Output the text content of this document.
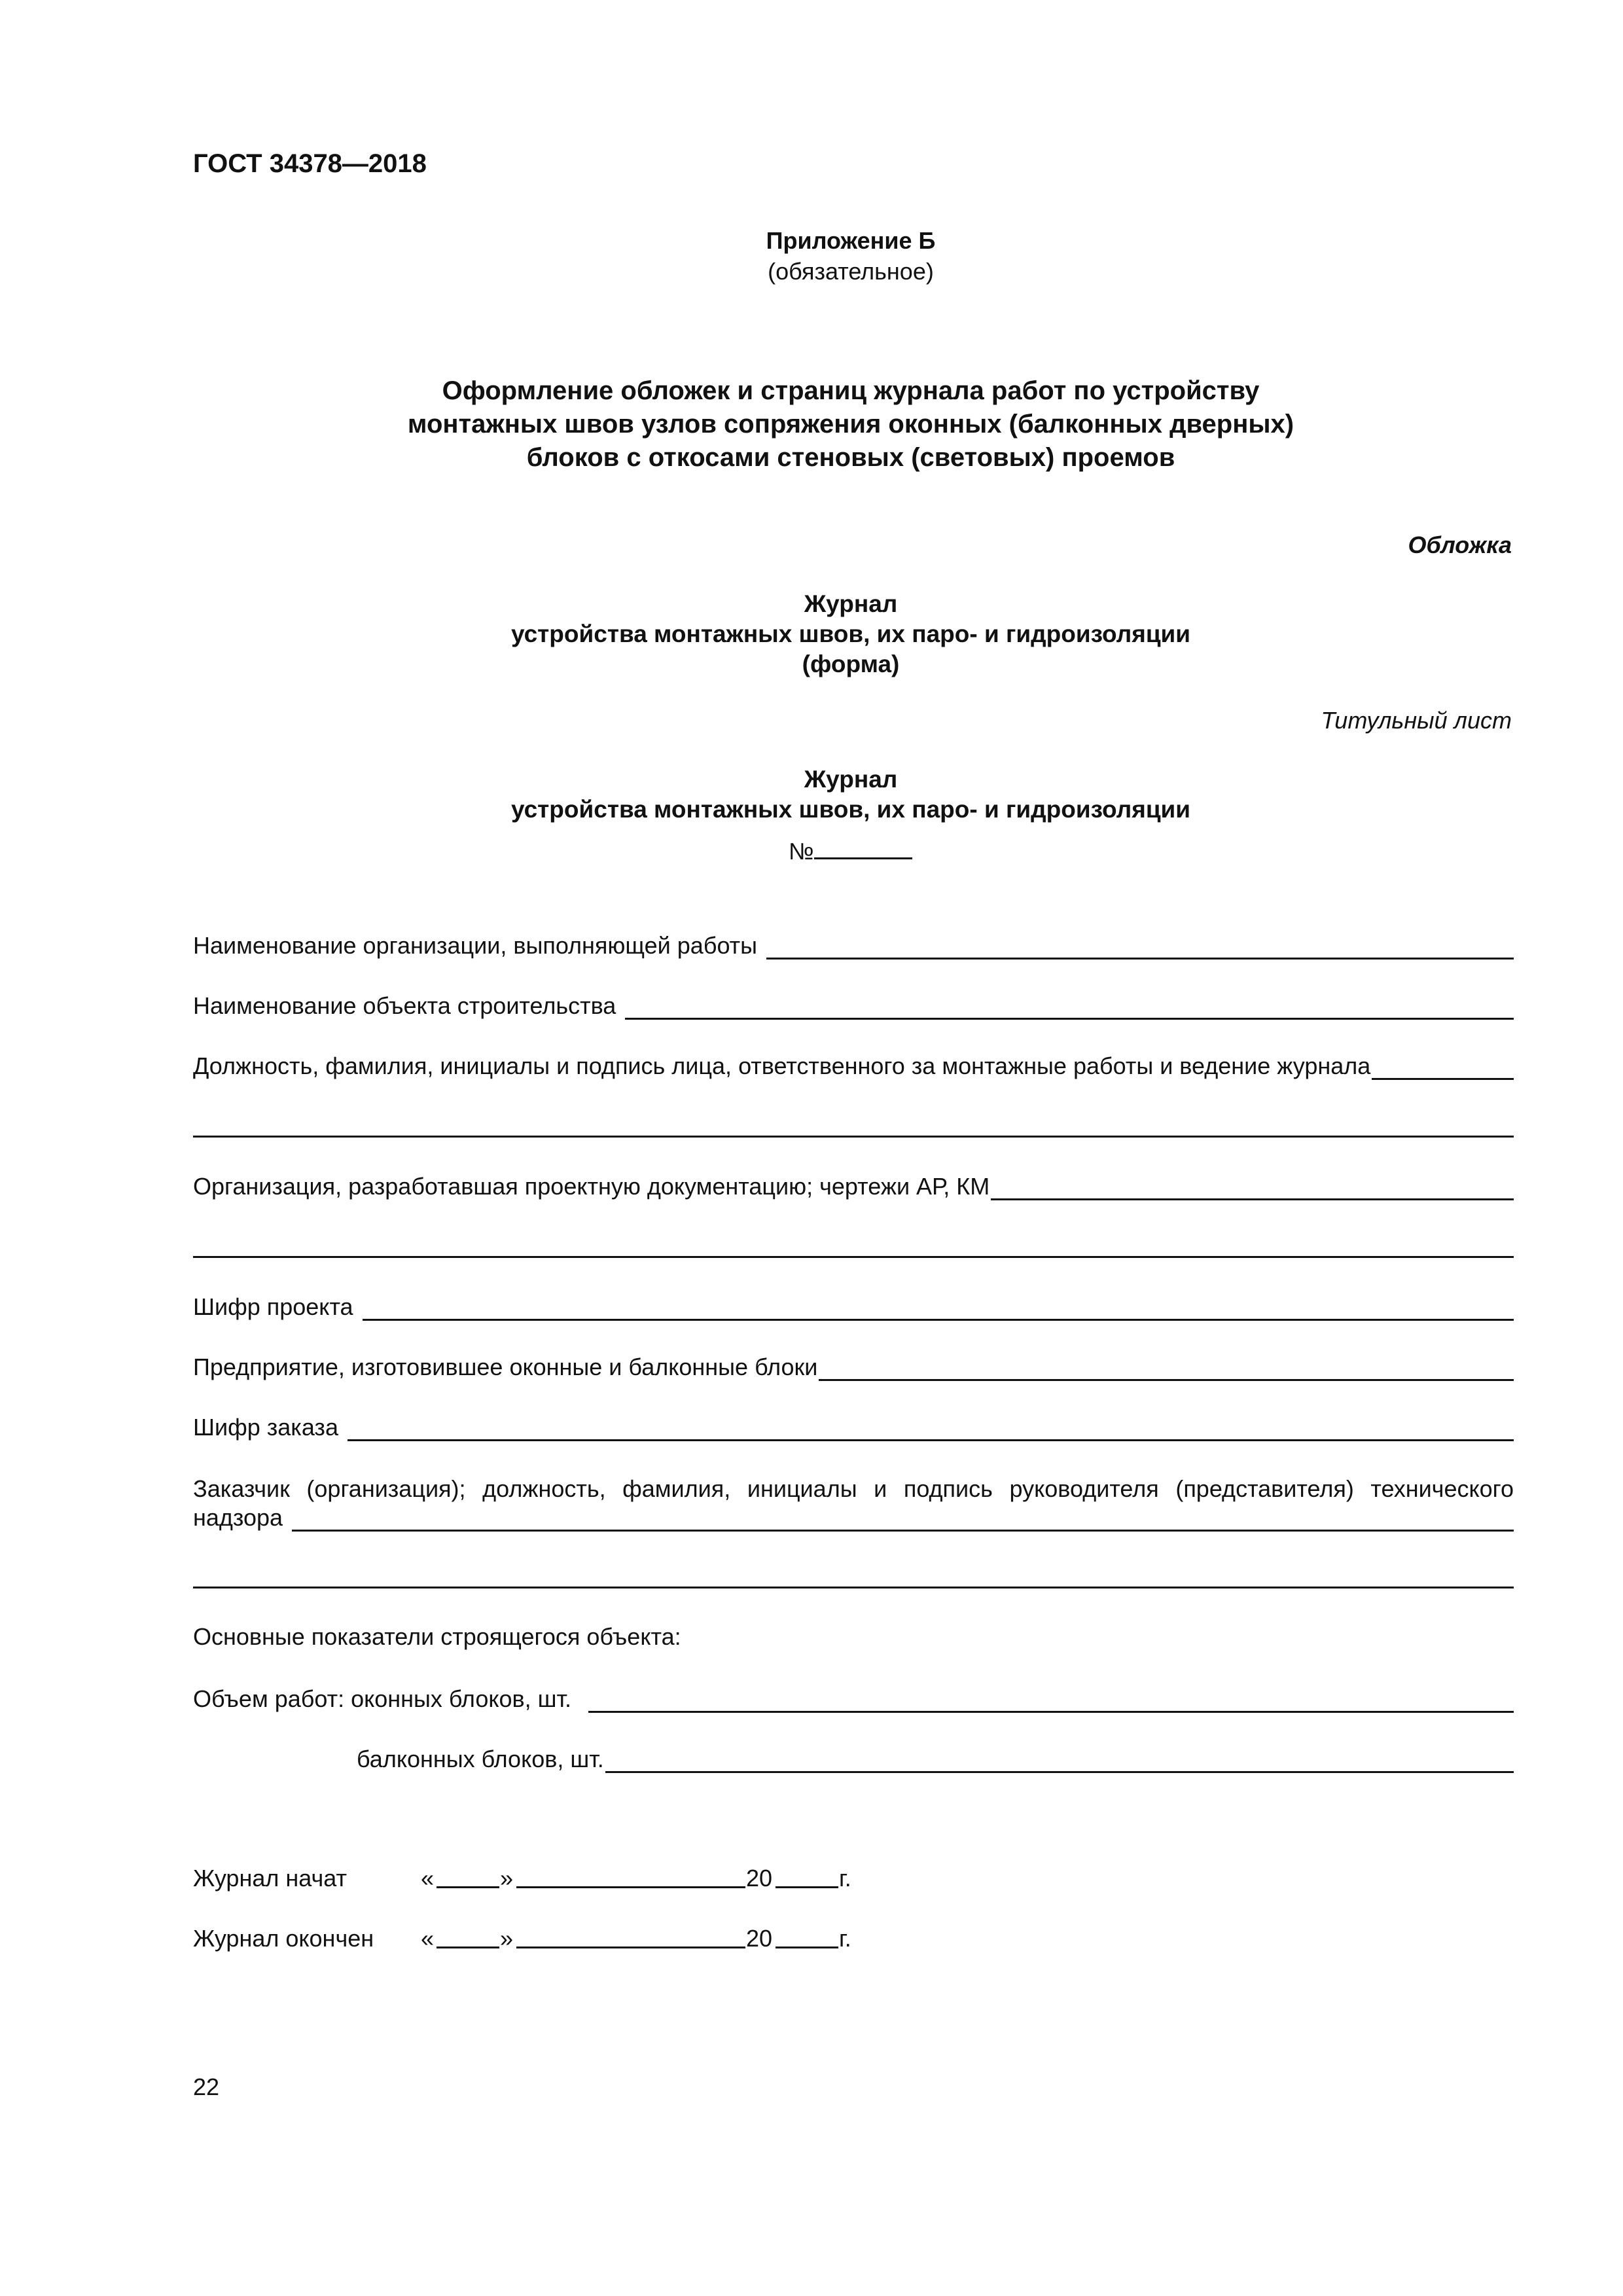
ГОСТ 34378—2018
Приложение Б
(обязательное)
Оформление обложек и страниц журнала работ по устройству
монтажных швов узлов сопряжения оконных (балконных дверных)
блоков с откосами стеновых (световых) проемов
Обложка
Журнал
устройства монтажных швов, их паро- и гидроизоляции
(форма)
Титульный лист
Журнал
устройства монтажных швов, их паро- и гидроизоляции
№
Наименование организации, выполняющей работы
Наименование объекта строительства
Должность, фамилия, инициалы и подпись лица, ответственного за монтажные работы и ведение журнала
Организация, разработавшая проектную документацию; чертежи АР, КМ
Шифр проекта
Предприятие, изготовившее оконные и балконные блоки
Шифр заказа
Заказчик (организация); должность, фамилия, инициалы и подпись руководителя (представителя) технического
надзора
Основные показатели строящегося объекта:
Объем работ: оконных блоков, шт.
балконных блоков, шт.
Журнал начат	«	»	20	г.
Журнал окончен «	»	20	г.
22
